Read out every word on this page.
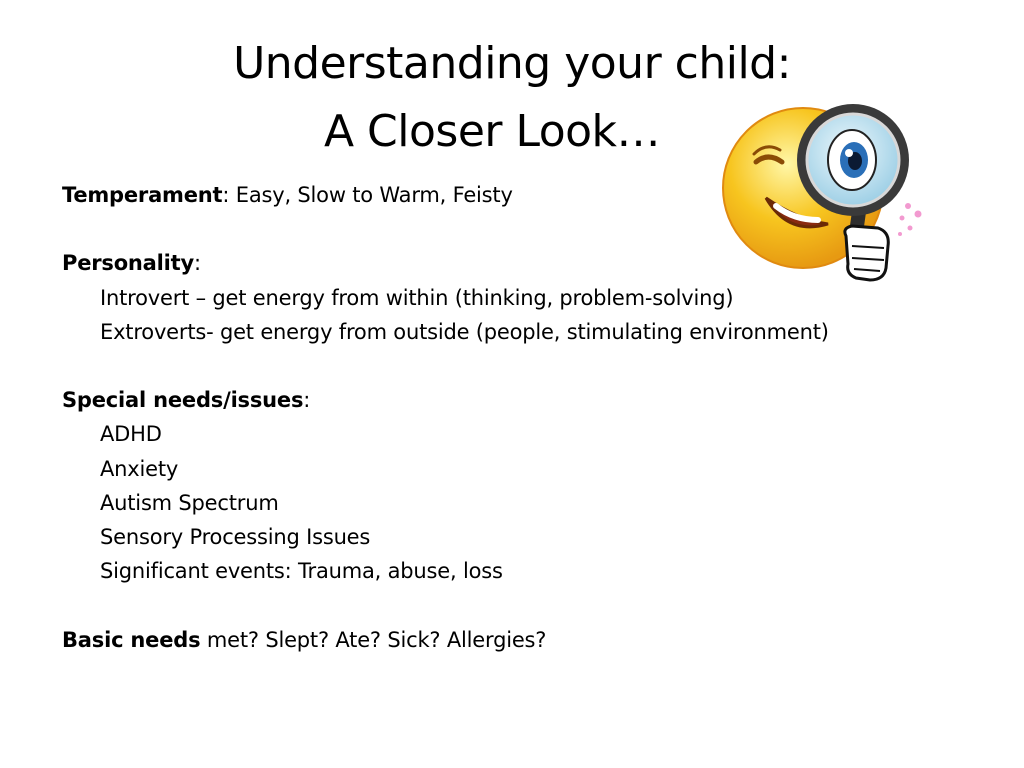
Understanding your child:
A Closer Look…
Temperament: Easy, Slow to Warm, Feisty
Personality:
Introvert – get energy from within (thinking, problem-solving)
Extroverts- get energy from outside (people, stimulating environment)
Special needs/issues:
ADHD
Anxiety
Autism Spectrum
Sensory Processing Issues
Significant events: Trauma, abuse, loss
Basic needs met? Slept? Ate? Sick? Allergies?
